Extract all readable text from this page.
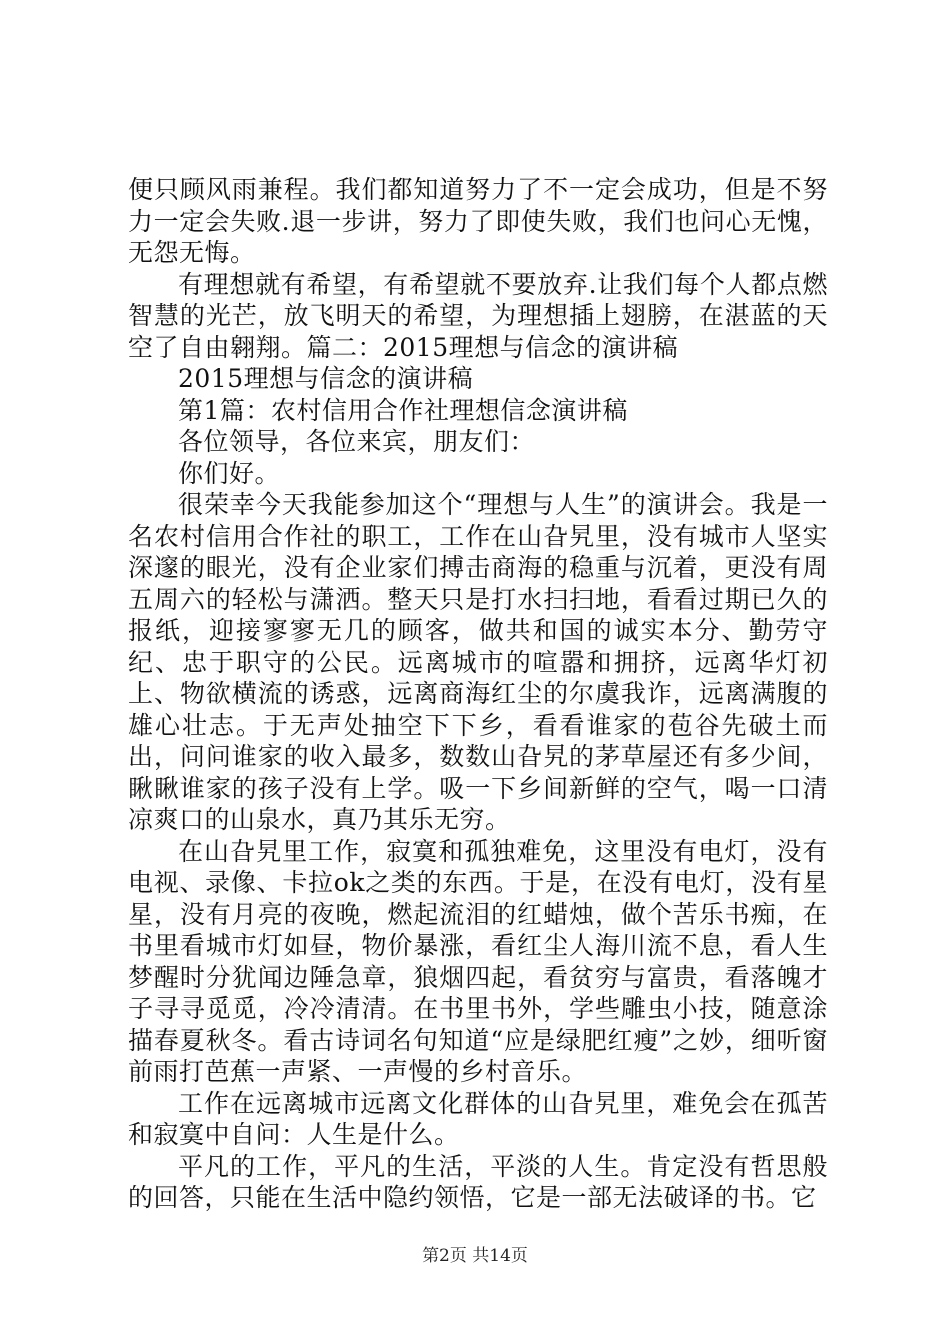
便只顾风雨兼程。我们都知道努力了不一定会成功，但是不努力一定会失败.退一步讲，努力了即使失败，我们也问心无愧，无怨无悔。

有理想就有希望，有希望就不要放弃.让我们每个人都点燃智慧的光芒，放飞明天的希望，为理想插上翅膀，在湛蓝的天空了自由翱翔。篇二：2015理想与信念的演讲稿

2015理想与信念的演讲稿

第1篇：农村信用合作社理想信念演讲稿

各位领导，各位来宾，朋友们：

你们好。

很荣幸今天我能参加这个“理想与人生”的演讲会。我是一名农村信用合作社的职工，工作在山旮旯里，没有城市人坚实深邃的眼光，没有企业家们搏击商海的稳重与沉着，更没有周五周六的轻松与潇洒。整天只是打水扫扫地，看看过期已久的报纸，迎接寥寥无几的顾客，做共和国的诚实本分、勤劳守纪、忠于职守的公民。远离城市的喧嚣和拥挤，远离华灯初上、物欲横流的诱惑，远离商海红尘的尔虞我诈，远离满腹的雄心壮志。于无声处抽空下下乡，看看谁家的苞谷先破土而出，问问谁家的收入最多，数数山旮旯的茅草屋还有多少间，瞅瞅谁家的孩子没有上学。吸一下乡间新鲜的空气，喝一口清凉爽口的山泉水，真乃其乐无穷。

在山旮旯里工作，寂寞和孤独难免，这里没有电灯，没有电视、录像、卡拉ok之类的东西。于是，在没有电灯，没有星星，没有月亮的夜晚，燃起流泪的红蜡烛，做个苦乐书痴，在书里看城市灯如昼，物价暴涨，看红尘人海川流不息，看人生梦醒时分犹闻边陲急章，狼烟四起，看贫穷与富贵，看落魄才子寻寻觅觅，冷冷清清。在书里书外，学些雕虫小技，随意涂描春夏秋冬。看古诗词名句知道“应是绿肥红瘦”之妙，细听窗前雨打芭蕉一声紧、一声慢的乡村音乐。

工作在远离城市远离文化群体的山旮旯里，难免会在孤苦和寂寞中自问：人生是什么。

平凡的工作，平凡的生活，平淡的人生。肯定没有哲思般的回答，只能在生活中隐约领悟，它是一部无法破译的书。它

第2页 共14页
